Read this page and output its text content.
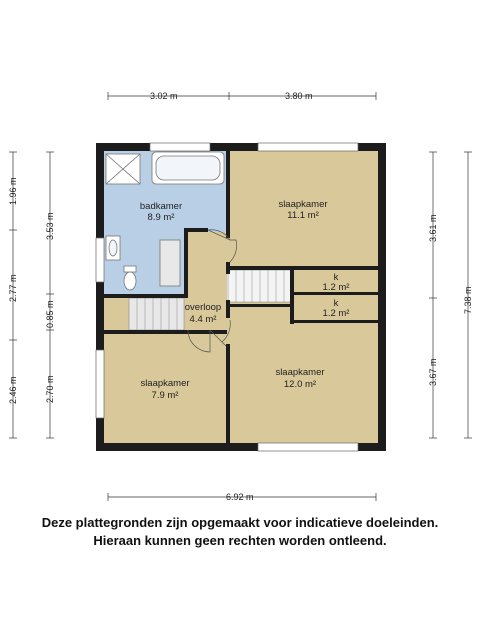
badkamer
8.9 m²
slaapkamer
11.1 m²
k
1.2 m²
k
1.2 m²
overloop
4.4 m²
slaapkamer
7.9 m²
slaapkamer
12.0 m²
3.02 m	3.80 m
6.92 m
1.96 m
2.77 m
2.46 m
3.53 m
0.85 m
2.70 m
3.61 m
3.67 m
7.38 m
Deze plattegronden zijn opgemaakt voor indicatieve doeleinden.
Hieraan kunnen geen rechten worden ontleend.
